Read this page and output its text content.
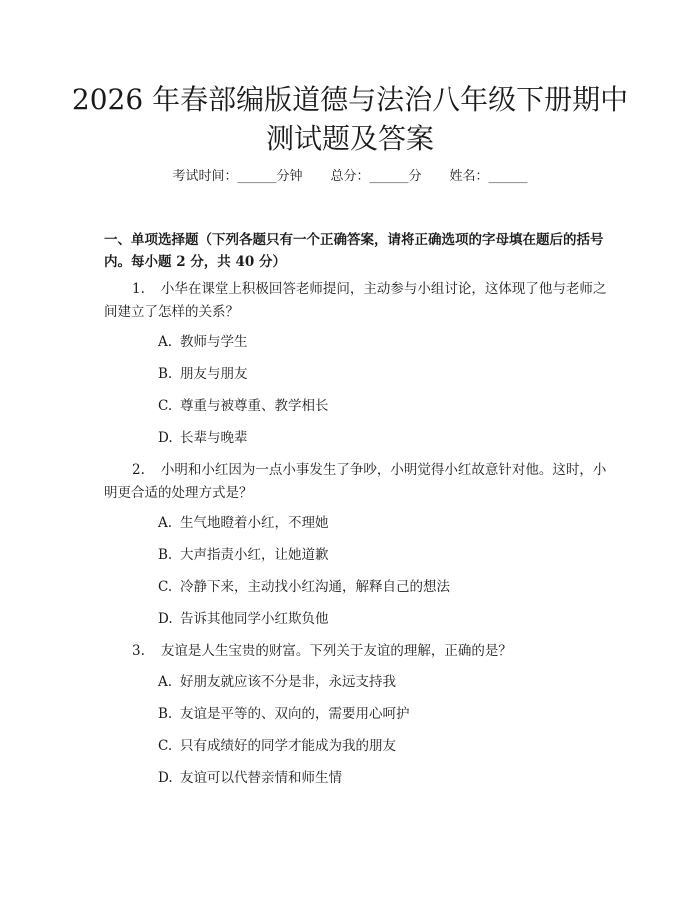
2026 年春部编版道德与法治八年级下册期中
测试题及答案
考试时间：______分钟 总分：______分 姓名：______

一、单项选择题（下列各题只有一个正确答案，请将正确选项的字母填在题后的括号内。每小题 2 分，共 40 分）

1. 小华在课堂上积极回答老师提问，主动参与小组讨论，这体现了他与老师之间建立了怎样的关系？

A. 教师与学生

B. 朋友与朋友

C. 尊重与被尊重、教学相长

D. 长辈与晚辈

2. 小明和小红因为一点小事发生了争吵，小明觉得小红故意针对他。这时，小明更合适的处理方式是？

A. 生气地瞪着小红，不理她

B. 大声指责小红，让她道歉

C. 冷静下来，主动找小红沟通，解释自己的想法

D. 告诉其他同学小红欺负他

3. 友谊是人生宝贵的财富。下列关于友谊的理解，正确的是？

A. 好朋友就应该不分是非，永远支持我

B. 友谊是平等的、双向的，需要用心呵护

C. 只有成绩好的同学才能成为我的朋友

D. 友谊可以代替亲情和师生情
